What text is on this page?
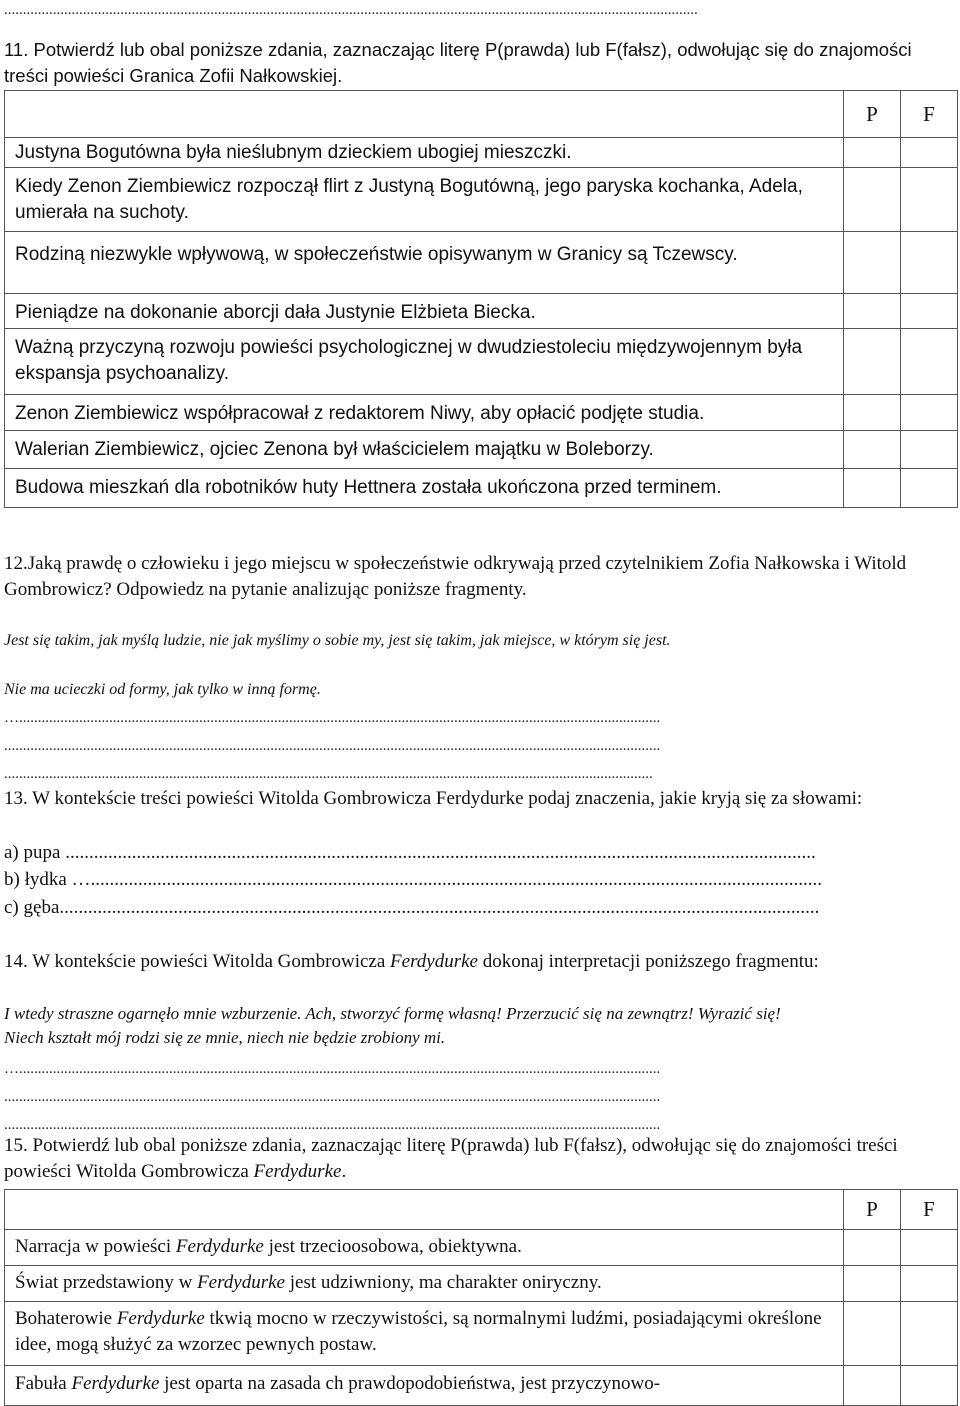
.........................................................................................................................................................................................
11. Potwierdź lub obal poniższe zdania, zaznaczając literę P(prawda) lub F(fałsz), odwołując się do znajomości treści powieści Granica Zofii Nałkowskiej.

	P	F

Justyna Bogutówna była nieślubnym dzieckiem ubogiej mieszczki.		

Kiedy Zenon Ziembiewicz rozpoczął flirt z Justyną Bogutówną, jego paryska kochanka, Adela, umierała na suchoty.		

Rodziną niezwykle wpływową, w społeczeństwie opisywanym w Granicy są Tczewscy.		

Pieniądze na dokonanie aborcji dała Justynie Elżbieta Biecka.		

Ważną przyczyną rozwoju powieści psychologicznej w dwudziestoleciu międzywojennym była ekspansja psychoanalizy.		

Zenon Ziembiewicz współpracował z redaktorem Niwy, aby opłacić podjęte studia.		

Walerian Ziembiewicz, ojciec Zenona był właścicielem majątku w Boleborzy.		

Budowa mieszkań dla robotników huty Hettnera została ukończona przed terminem.		

12.Jaką prawdę o człowieku i jego miejscu w społeczeństwie odkrywają przed czytelnikiem Zofia Nałkowska i Witold Gombrowicz? Odpowiedz na pytanie analizując poniższe fragmenty.
Jest się takim, jak myślą ludzie, nie jak myślimy o sobie my, jest się takim, jak miejsce, w którym się jest.
Nie ma ucieczki od formy, jak tylko w inną formę.
…...........................................................................................................................................................................
...............................................................................................................................................................................
.............................................................................................................................................................................
13. W kontekście treści powieści Witolda Gombrowicza Ferdydurke podaj znaczenia, jakie kryją się za słowami:
a) pupa ..............................................................................................................................................................
b) łydka …..........................................................................................................................................................
c) gęba................................................................................................................................................................
14. W kontekście powieści Witolda Gombrowicza Ferdydurke dokonaj interpretacji poniższego fragmentu:
I wtedy straszne ogarnęło mnie wzburzenie. Ach, stworzyć formę własną! Przerzucić się na zewnątrz! Wyrazić się!
Niech kształt mój rodzi się ze mnie, niech nie będzie zrobiony mi.
…...........................................................................................................................................................................
...............................................................................................................................................................................
...............................................................................................................................................................................
15. Potwierdź lub obal poniższe zdania, zaznaczając literę P(prawda) lub F(fałsz), odwołując się do znajomości treści powieści Witolda Gombrowicza Ferdydurke.

	P	F

Narracja w powieści Ferdydurke jest trzecioosobowa, obiektywna.		

Świat przedstawiony w Ferdydurke jest udziwniony, ma charakter oniryczny.		

Bohaterowie Ferdydurke tkwią mocno w rzeczywistości, są normalnymi ludźmi, posiadającymi określone idee, mogą służyć za wzorzec pewnych postaw.		

Fabuła Ferdydurke jest oparta na zasada ch prawdopodobieństwa, jest przyczynowo-		
